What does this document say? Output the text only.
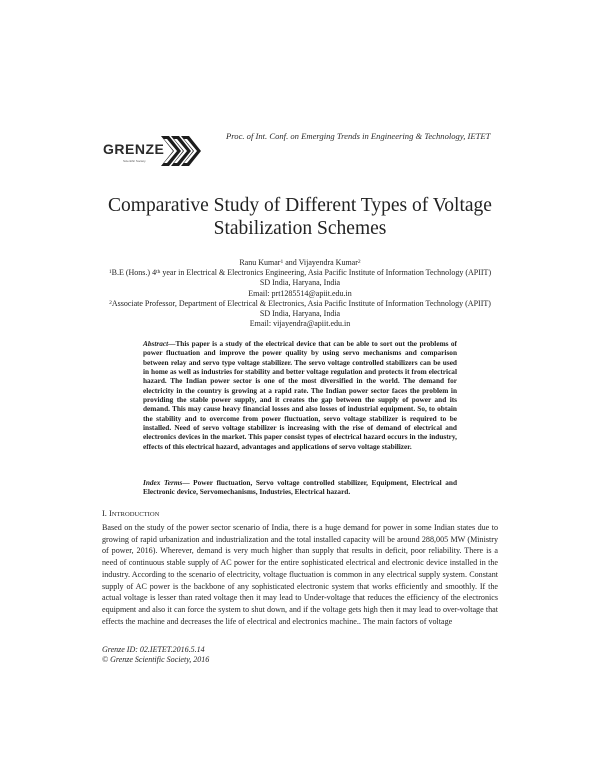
GRENZE
Scientific Society
Proc. of Int. Conf. on Emerging Trends in Engineering & Technology, IETET
Comparative Study of Different Types of Voltage
Stabilization Schemes
Ranu Kumar$^1$ and Vijayendra Kumar$^2$
$^1$B.E (Hons.) 4th year in Electrical & Electronics Engineering, Asia Pacific Institute of Information Technology (APIIT)
SD India, Haryana, India
Email: prt1285514@apiit.edu.in
$^2$Associate Professor, Department of Electrical & Electronics, Asia Pacific Institute of Information Technology (APIIT)
SD India, Haryana, India
Email: vijayendra@apiit.edu.in
Abstract—This paper is a study of the electrical device that can be able to sort out the problems of power fluctuation and improve the power quality by using servo mechanisms and comparison between relay and servo type voltage stabilizer. The servo voltage controlled stabilizers can be used in home as well as industries for stability and better voltage regulation and protects it from electrical hazard. The Indian power sector is one of the most diversified in the world. The demand for electricity in the country is growing at a rapid rate. The Indian power sector faces the problem in providing the stable power supply, and it creates the gap between the supply of power and its demand. This may cause heavy financial losses and also losses of industrial equipment. So, to obtain the stability and to overcome from power fluctuation, servo voltage stabilizer is required to be installed. Need of servo voltage stabilizer is increasing with the rise of demand of electrical and electronics devices in the market. This paper consist types of electrical hazard occurs in the industry, effects of this electrical hazard, advantages and applications of servo voltage stabilizer.
Index Terms— Power fluctuation, Servo voltage controlled stabilizer, Equipment, Electrical and Electronic device, Servomechanisms, Industries, Electrical hazard.
I. INTRODUCTION
Based on the study of the power sector scenario of India, there is a huge demand for power in some Indian states due to growing of rapid urbanization and industrialization and the total installed capacity will be around 288,005 MW (Ministry of power, 2016). Wherever, demand is very much higher than supply that results in deficit, poor reliability. There is a need of continuous stable supply of AC power for the entire sophisticated electrical and electronic device installed in the industry. According to the scenario of electricity, voltage fluctuation is common in any electrical supply system. Constant supply of AC power is the backbone of any sophisticated electronic system that works efficiently and smoothly. If the actual voltage is lesser than rated voltage then it may lead to Under-voltage that reduces the efficiency of the electronics equipment and also it can force the system to shut down, and if the voltage gets high then it may lead to over-voltage that effects the machine and decreases the life of electrical and electronics machine.. The main factors of voltage
Grenze ID: 02.IETET.2016.5.14
© Grenze Scientific Society, 2016
